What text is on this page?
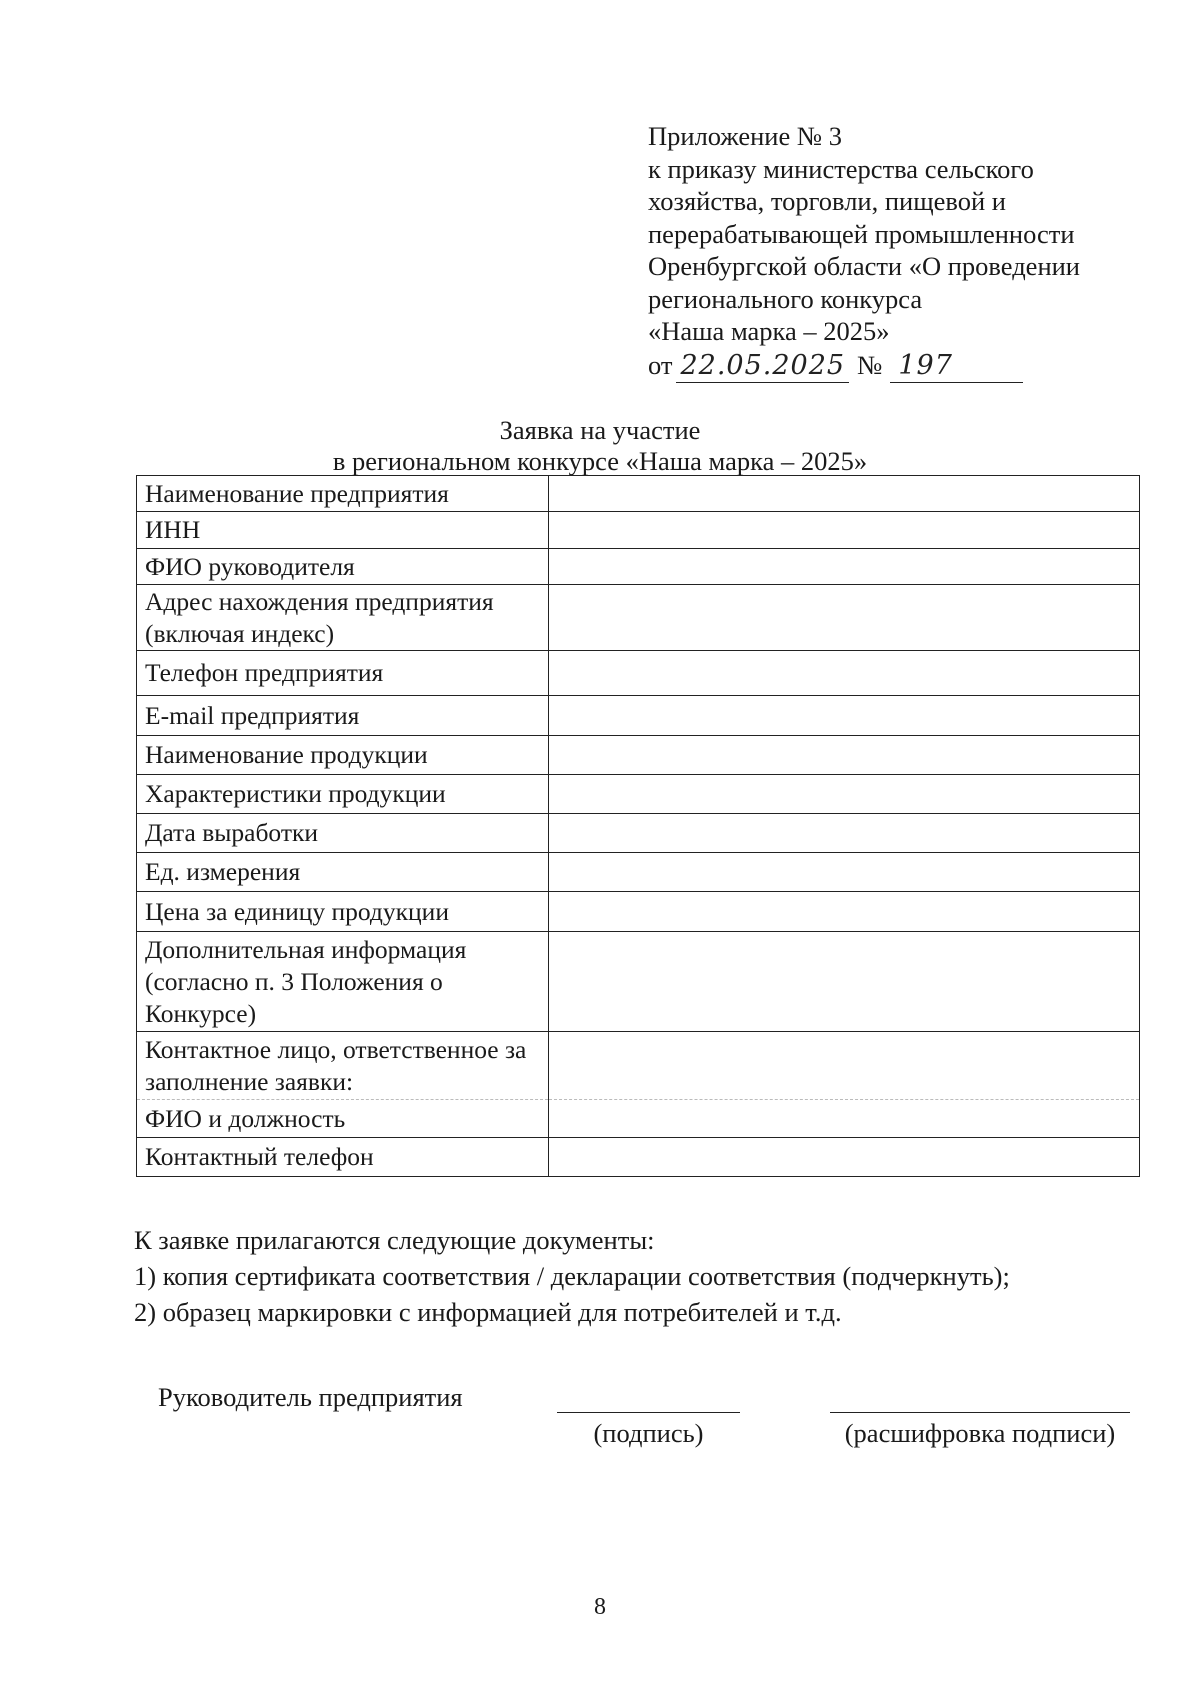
Приложение № 3
к приказу министерства сельского
хозяйства, торговли, пищевой и
перерабатывающей промышленности
Оренбургской области «О проведении
регионального конкурса
«Наша марка – 2025»
от 22.05.2025 № 197
Заявка на участие
в региональном конкурсе «Наша марка – 2025»
Наименование предприятия	
ИНН	
ФИО руководителя	
Адрес нахождения предприятия (включая индекс)	
Телефон предприятия	
E-mail предприятия	
Наименование продукции	
Характеристики продукции	
Дата выработки	
Ед. измерения	
Цена за единицу продукции	
Дополнительная информация (согласно п. 3 Положения о Конкурсе)	
Контактное лицо, ответственное за заполнение заявки:	
ФИО и должность	
Контактный телефон	
К заявке прилагаются следующие документы:
1) копия сертификата соответствия / декларации соответствия (подчеркнуть);
2) образец маркировки с информацией для потребителей и т.д.
Руководитель предприятия
(подпись)	(расшифровка подписи)
8
